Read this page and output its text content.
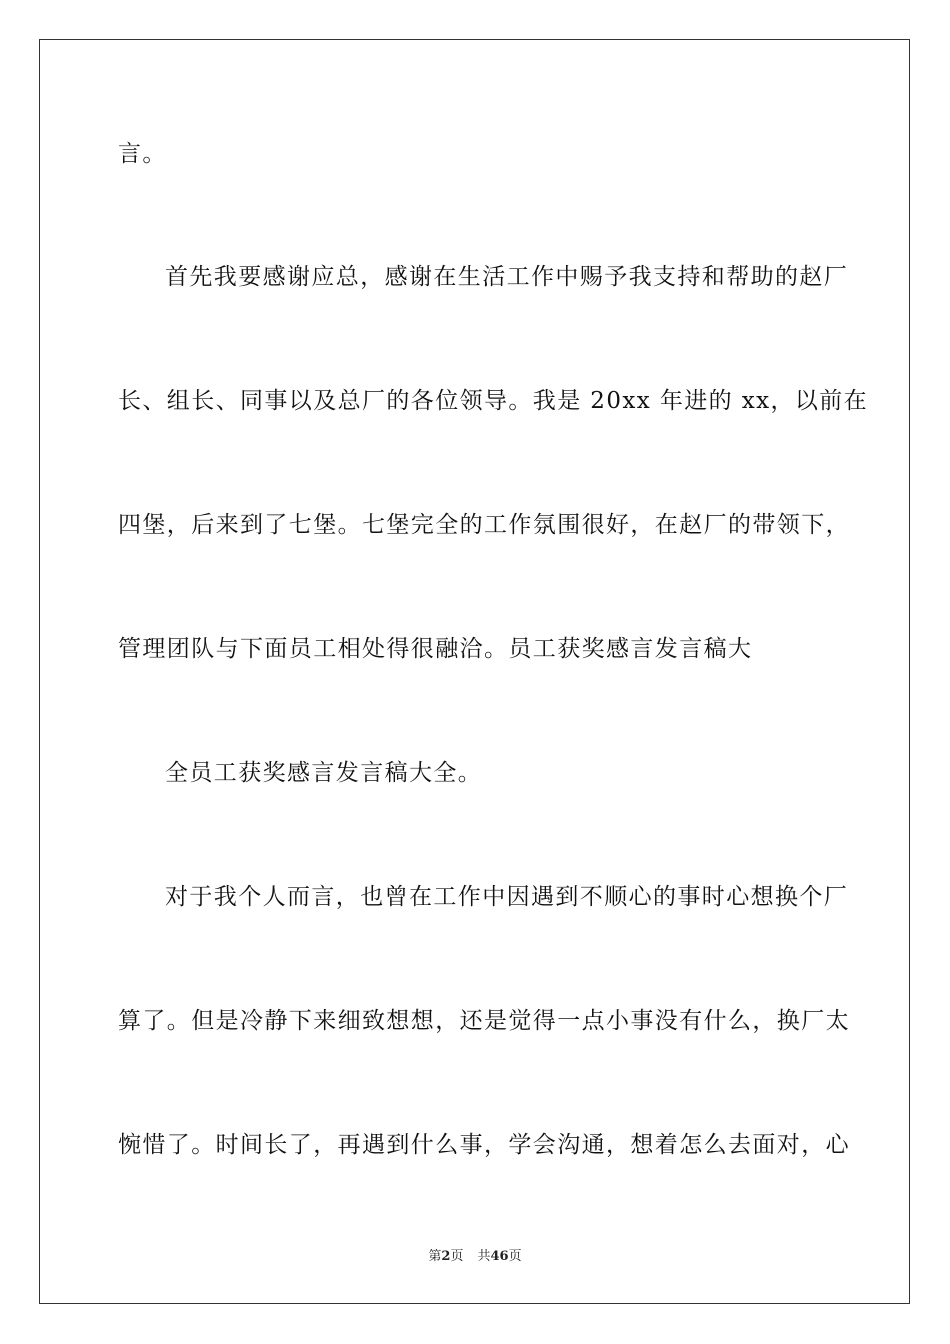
言。
首先我要感谢应总，感谢在生活工作中赐予我支持和帮助的赵厂
长、组长、同事以及总厂的各位领导。我是 20xx 年进的 xx，以前在
四堡，后来到了七堡。七堡完全的工作氛围很好，在赵厂的带领下，
管理团队与下面员工相处得很融洽。员工获奖感言发言稿大
全员工获奖感言发言稿大全。
对于我个人而言，也曾在工作中因遇到不顺心的事时心想换个厂
算了。但是冷静下来细致想想，还是觉得一点小事没有什么，换厂太
惋惜了。时间长了，再遇到什么事，学会沟通，想着怎么去面对，心
第2页 共46页
